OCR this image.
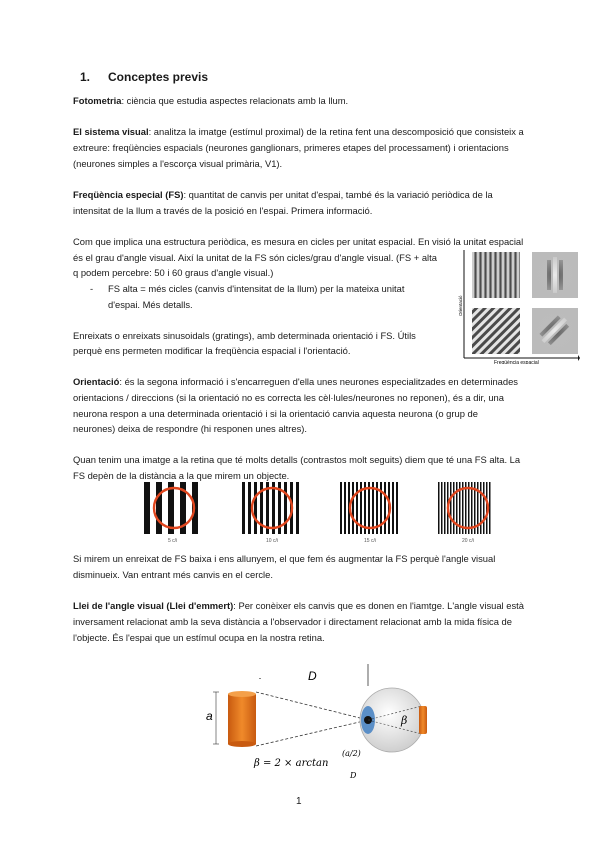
1. Conceptes previs
Fotometria: ciència que estudia aspectes relacionats amb la llum.
El sistema visual: analitza la imatge (estímul proximal) de la retina fent una descomposició que consisteix a
extreure: freqüències espacials (neurones ganglionars, primeres etapes del processament) i orientacions
(neurones simples a l'escorça visual primària, V1).
Freqüència especial (FS): quantitat de canvis per unitat d'espai, també és la variació periòdica de la
intensitat de la llum a través de la posició en l'espai. Primera informació.
Com que implica una estructura periòdica, es mesura en cicles per unitat espacial. En visió la unitat espacial
és el grau d'angle visual. Així la unitat de la FS són cicles/grau d'angle visual. (FS + alta
q podem percebre: 50 i 60 graus d'angle visual.)
- FS alta = més cicles (canvis d'intensitat de la llum) per la mateixa unitat
d'espai. Més detalls.
Enreixats o enreixats sinusoidals (gratings), amb determinada orientació i FS. Útils
perquè ens permeten modificar la freqüència espacial i l'orientació.
Orientació
Freqüència espacial
Orientació: és la segona informació i s'encarreguen d'ella unes neurones especialitzades en determinades
orientacions / direccions (si la orientació no es correcta les cèl·lules/neurones no reponen), és a dir, una
neurona respon a una determinada orientació i si la orientació canvia aquesta neurona (o grup de
neurones) deixa de respondre (hi responen unes altres).
Quan tenim una imatge a la retina que té molts detalls (contrastos molt seguits) diem que té una FS alta. La
FS depèn de la distància a la que mirem un objecte.
5 c/i	10 c/i	15 c/i	20 c/i
Si mirem un enreixat de FS baixa i ens allunyem, el que fem és augmentar la FS perquè l'angle visual
disminueix. Van entrant més canvis en el cercle.
Llei de l'angle visual (Llei d'emmert): Per conèixer els canvis que es donen en l'iamtge. L'angle visual està
inversament relacionat amb la seva distància a l'observador i directament relacionat amb la mida física de
l'objecte. És l'espai que un estímul ocupa en la nostra retina.
D
a	β
β = 2 × arctan
(a/2)
D
1
